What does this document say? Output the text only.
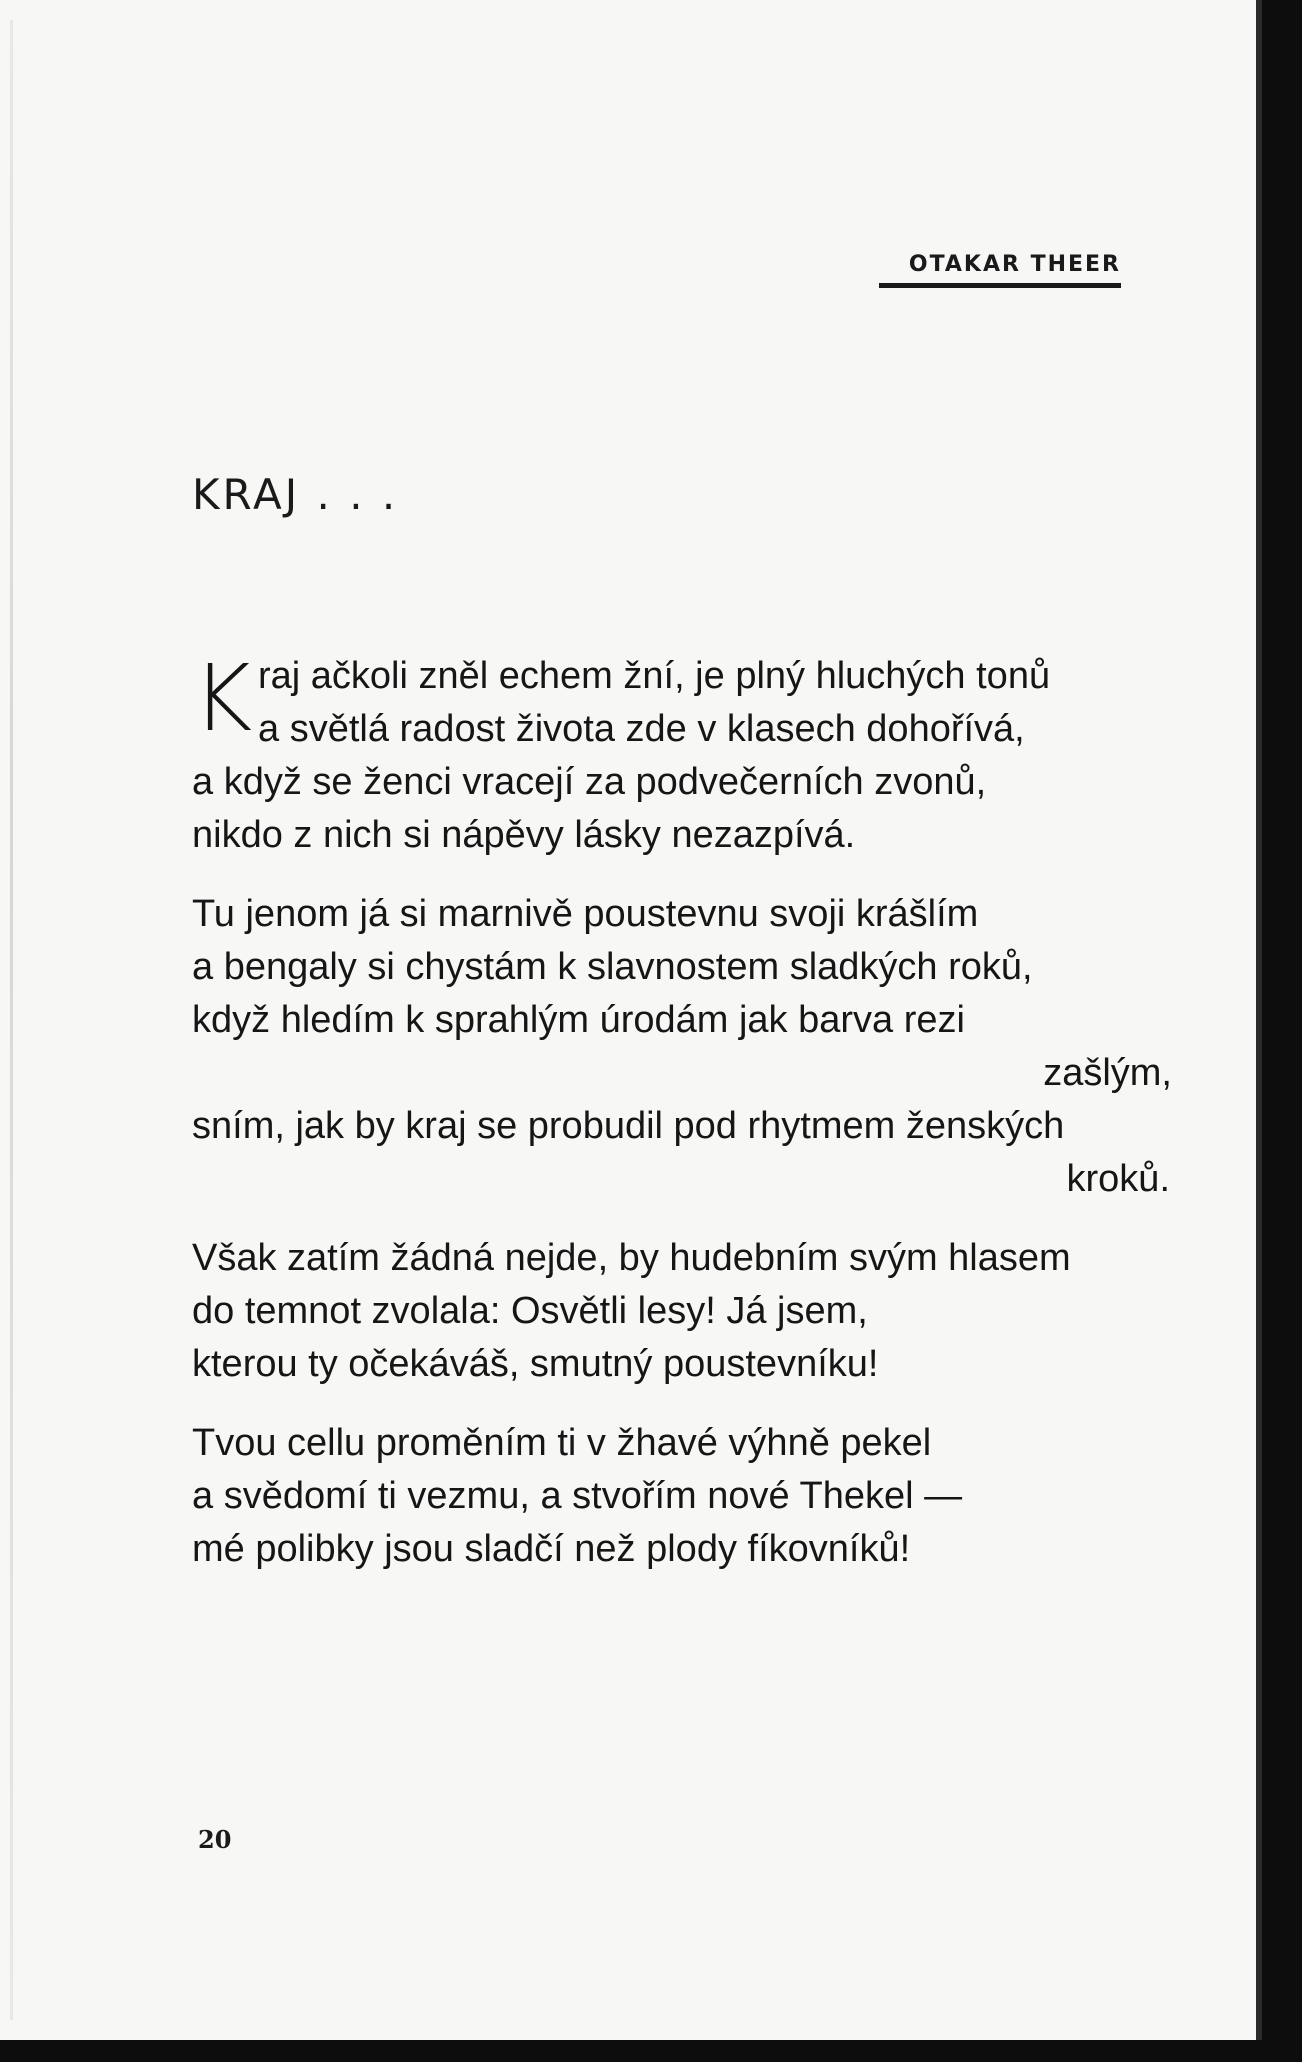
OTAKAR THEER
KRAJ . . .
K raj ačkoli zněl echem žní, je plný hluchých tonů
a světlá radost života zde v klasech dohořívá,
a když se ženci vracejí za podvečerních zvonů,
nikdo z nich si nápěvy lásky nezazpívá.
Tu jenom já si marnivě poustevnu svoji krášlím
a bengaly si chystám k slavnostem sladkých roků,
když hledím k sprahlým úrodám jak barva rezi
zašlým,
sním, jak by kraj se probudil pod rhytmem ženských
kroků.
Však zatím žádná nejde, by hudebním svým hlasem
do temnot zvolala: Osvětli lesy! Já jsem,
kterou ty očekáváš, smutný poustevníku!
Tvou cellu proměním ti v žhavé výhně pekel
a svědomí ti vezmu, a stvořím nové Thekel —
mé polibky jsou sladčí než plody fíkovníků!
20
